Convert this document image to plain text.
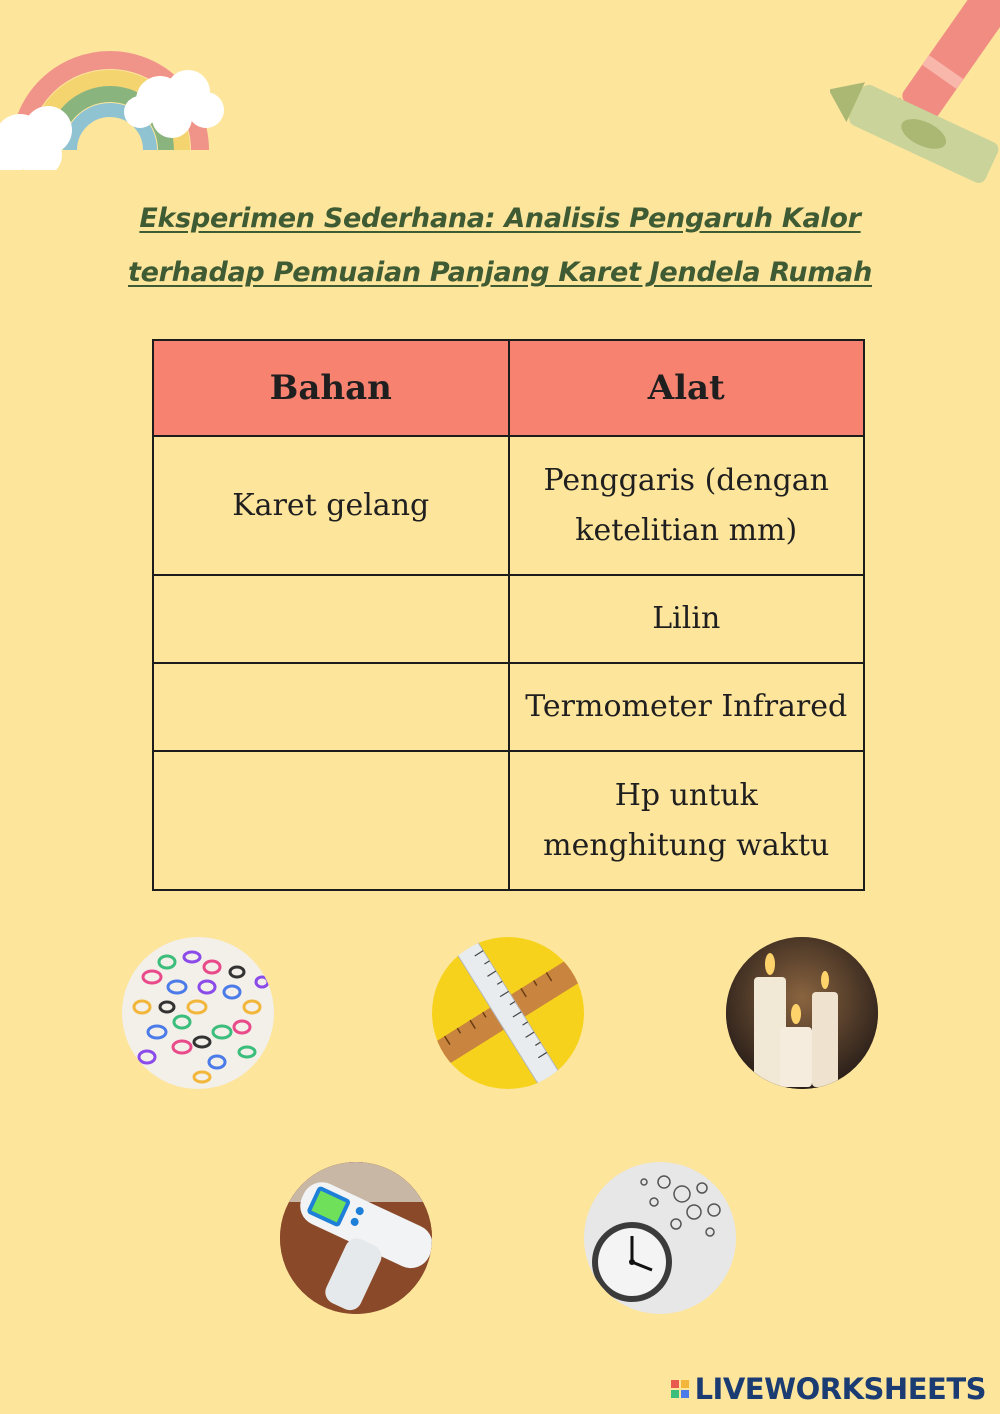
Eksperimen Sederhana: Analisis Pengaruh Kalor
terhadap Pemuaian Panjang Karet Jendela Rumah
Bahan	Alat
Karet gelang	Penggaris (dengan ketelitian mm)
	Lilin
	Termometer Infrared
	Hp untuk menghitung waktu
LIVEWORKSHEETS
